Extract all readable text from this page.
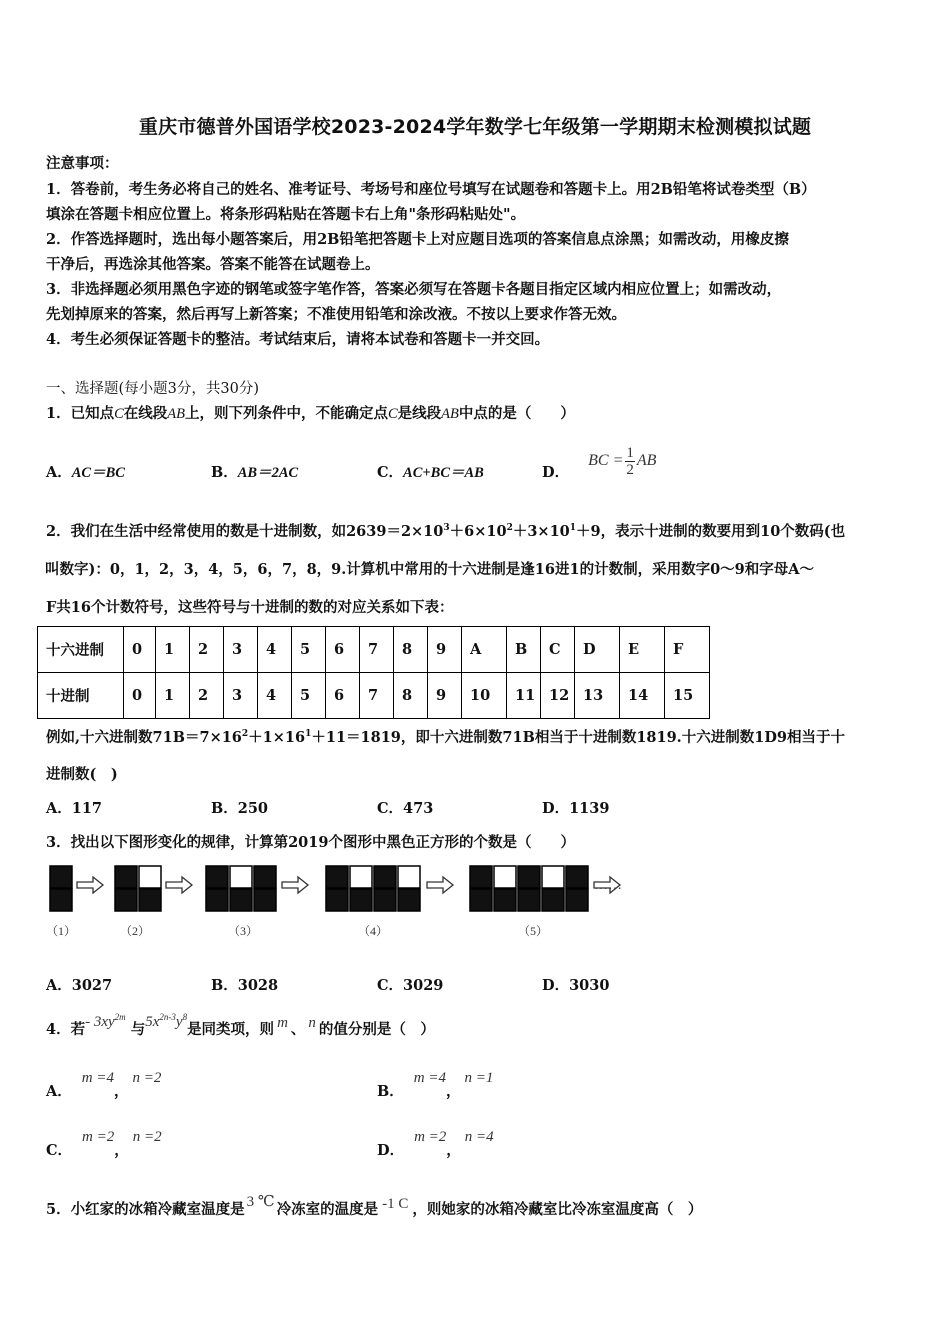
重庆市德普外国语学校2023-2024学年数学七年级第一学期期末检测模拟试题
注意事项：
1．答卷前，考生务必将自己的姓名、准考证号、考场号和座位号填写在试题卷和答题卡上。用2B铅笔将试卷类型（B）
填涂在答题卡相应位置上。将条形码粘贴在答题卡右上角"条形码粘贴处"。
2．作答选择题时，选出每小题答案后，用2B铅笔把答题卡上对应题目选项的答案信息点涂黑；如需改动，用橡皮擦
干净后，再选涂其他答案。答案不能答在试题卷上。
3．非选择题必须用黑色字迹的钢笔或签字笔作答，答案必须写在答题卡各题目指定区域内相应位置上；如需改动，
先划掉原来的答案，然后再写上新答案；不准使用铅笔和涂改液。不按以上要求作答无效。
4．考生必须保证答题卡的整洁。考试结束后，请将本试卷和答题卡一并交回。
一、选择题(每小题3分，共30分)
1．已知点C在线段AB上，则下列条件中，不能确定点C是线段AB中点的是（　　）
A．AC＝BC	B．AB＝2AC	C．AC+BC＝AB	D． BC = $\frac{1}{2}$ AB
2．我们在生活中经常使用的数是十进制数，如$2639=2\times 10^3+6\times 10^2+3\times 10^1+9$，表示十进制的数要用到10个数码(也
叫数字)：0，1，2，3，4，5，6，7，8，9.计算机中常用的十六进制是逢16进1的计数制，采用数字0～9和字母A～
F共16个计数符号，这些符号与十进制的数的对应关系如下表：
十六进制	0	1	2	3	4	5	6	7	8	9	A	B	C	D	E	F
十进制	0	1	2	3	4	5	6	7	8	9	10	11	12	13	14	15
例如,十六进制数$71B=7\times 16^2+1\times 16^1+11=1819$，即十六进制数71B相当于十进制数1819.十六进制数1D9相当于十
进制数(　)
A．117	B．250	C．473	D．1139
3．找出以下图形变化的规律，计算第2019个图形中黑色正方形的个数是（　　）
……
（1）	（2）	（3）	（4）	（5）
A．3027	B．3028	C．3029	D．3030
4．若- $3xy^{2m}$ 与$5x^{2n-3}y^8$是同类项，则 m 、 n 的值分别是（　）
A．m =4，n =2
B．m =4，n =1
C．m =2，n =2
D．m =2，n =4
5．小红家的冰箱冷藏室温度是 3 ℃ 冷冻室的温度是 -1 C ，则她家的冰箱冷藏室比冷冻室温度高（　）
